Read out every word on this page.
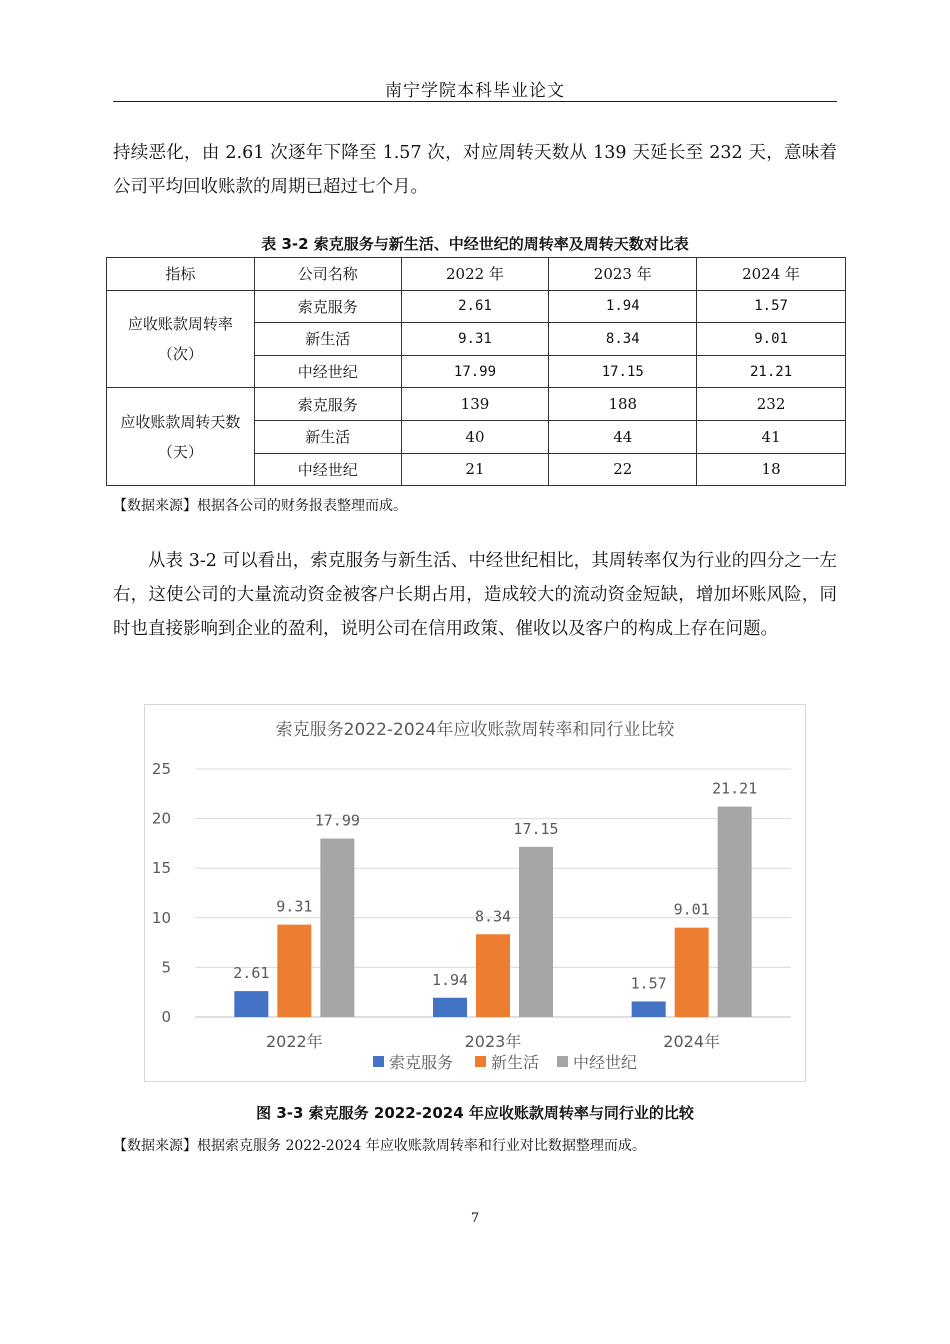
南宁学院本科毕业论文

持续恶化，由 2.61 次逐年下降至 1.57 次，对应周转天数从 139 天延长至 232 天，意味着公司平均回收账款的周期已超过七个月。

表 3-2 索克服务与新生活、中经世纪的周转率及周转天数对比表
指标	公司名称	2022 年	2023 年	2024 年
应收账款周转率（次）	索克服务	2.61	1.94	1.57
	新生活	9.31	8.34	9.01
	中经世纪	17.99	17.15	21.21
应收账款周转天数（天）	索克服务	139	188	232
	新生活	40	44	41
	中经世纪	21	22	18
【数据来源】根据各公司的财务报表整理而成。

从表 3-2 可以看出，索克服务与新生活、中经世纪相比，其周转率仅为行业的四分之一左右，这使公司的大量流动资金被客户长期占用，造成较大的流动资金短缺，增加坏账风险，同时也直接影响到企业的盈利，说明公司在信用政策、催收以及客户的构成上存在问题。

索克服务2022-2024年应收账款周转率和同行业比较
0
5
10
15
20
25
2.61
9.31
17.99
2022年
1.94
8.34
17.15
2023年
1.57
9.01
21.21
2024年
索克服务 新生活 中经世纪
图 3-3 索克服务 2022-2024 年应收账款周转率与同行业的比较
【数据来源】根据索克服务 2022-2024 年应收账款周转率和行业对比数据整理而成。
7
